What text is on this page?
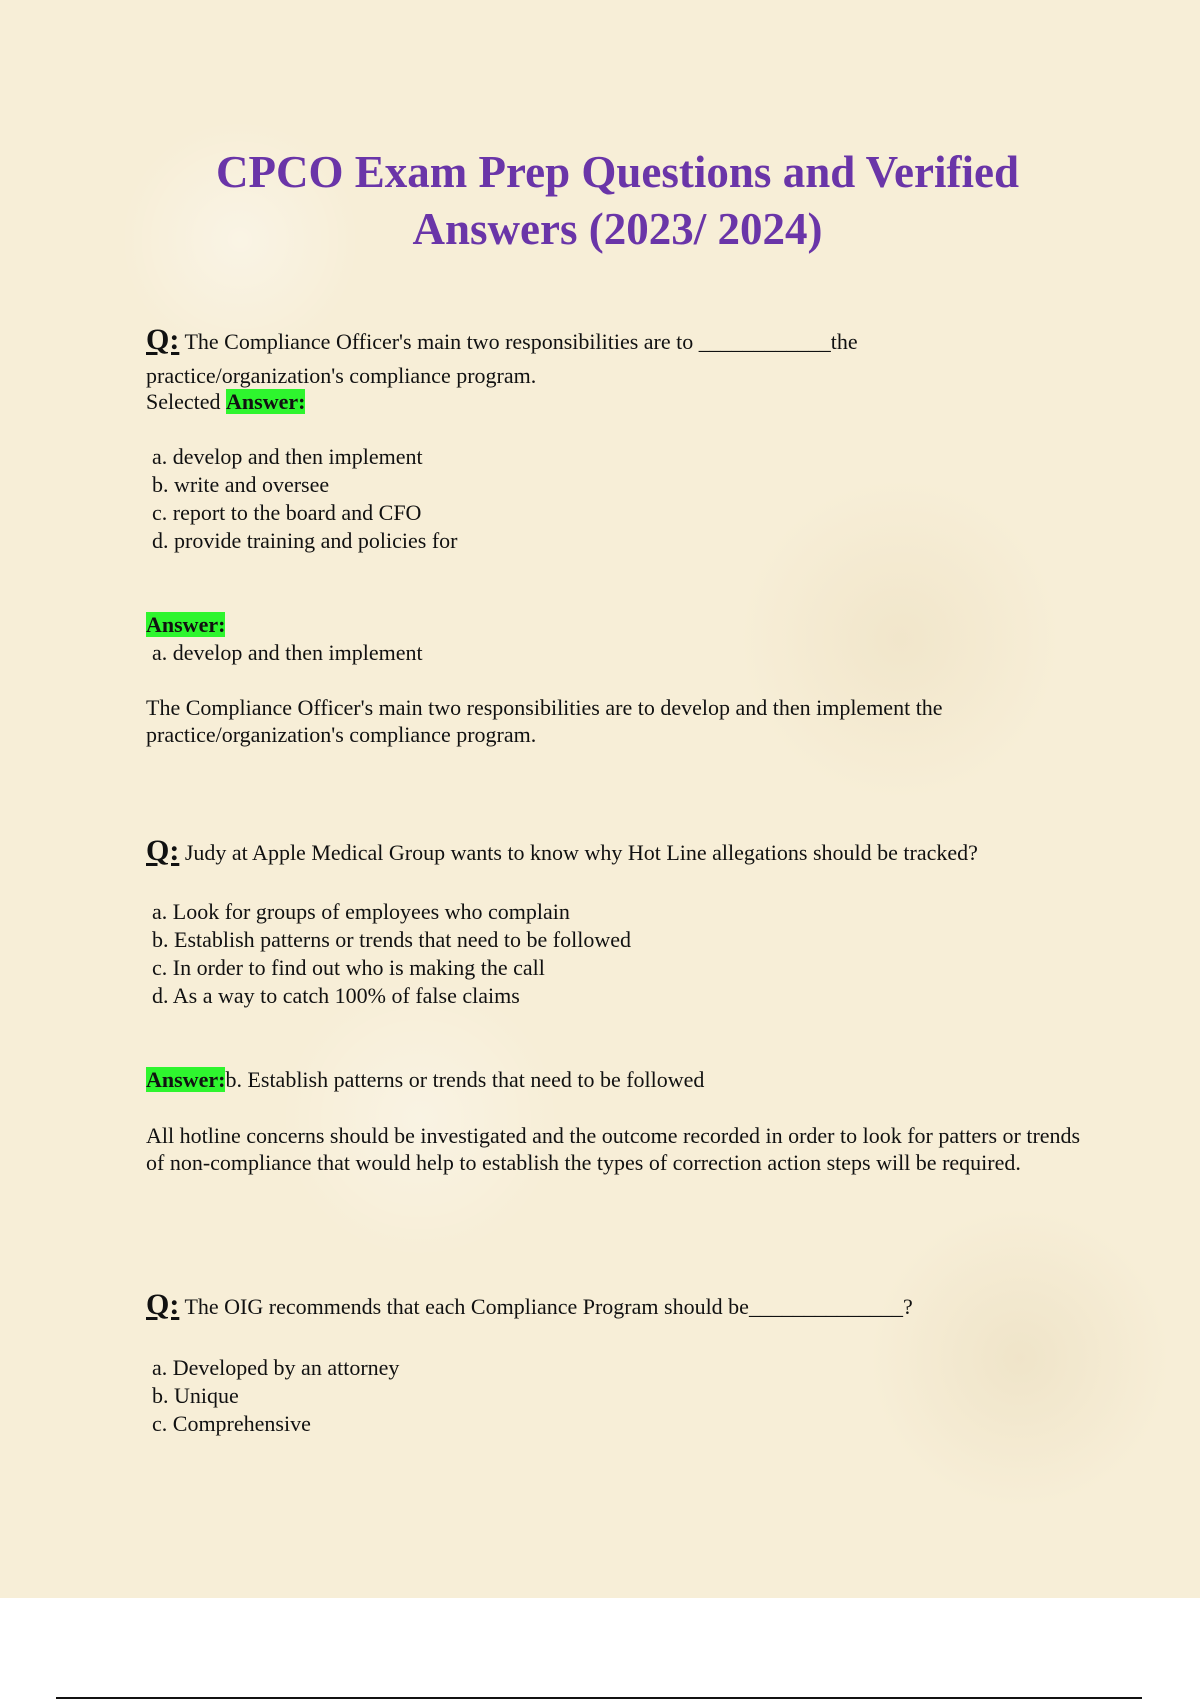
CPCO Exam Prep Questions and Verified Answers (2023/ 2024)

Q: The Compliance Officer's main two responsibilities are to ____________the

practice/organization's compliance program.

Selected Answer:

a. develop and then implement
b. write and oversee
c. report to the board and CFO
d. provide training and policies for

Answer:

a. develop and then implement

The Compliance Officer's main two responsibilities are to develop and then implement the practice/organization's compliance program.

Q: Judy at Apple Medical Group wants to know why Hot Line allegations should be tracked?

a. Look for groups of employees who complain
b. Establish patterns or trends that need to be followed
c. In order to find out who is making the call
d. As a way to catch 100% of false claims

Answer:b. Establish patterns or trends that need to be followed

All hotline concerns should be investigated and the outcome recorded in order to look for patters or trends of non-compliance that would help to establish the types of correction action steps will be required.

Q: The OIG recommends that each Compliance Program should be______________?

a. Developed by an attorney
b. Unique
c. Comprehensive
